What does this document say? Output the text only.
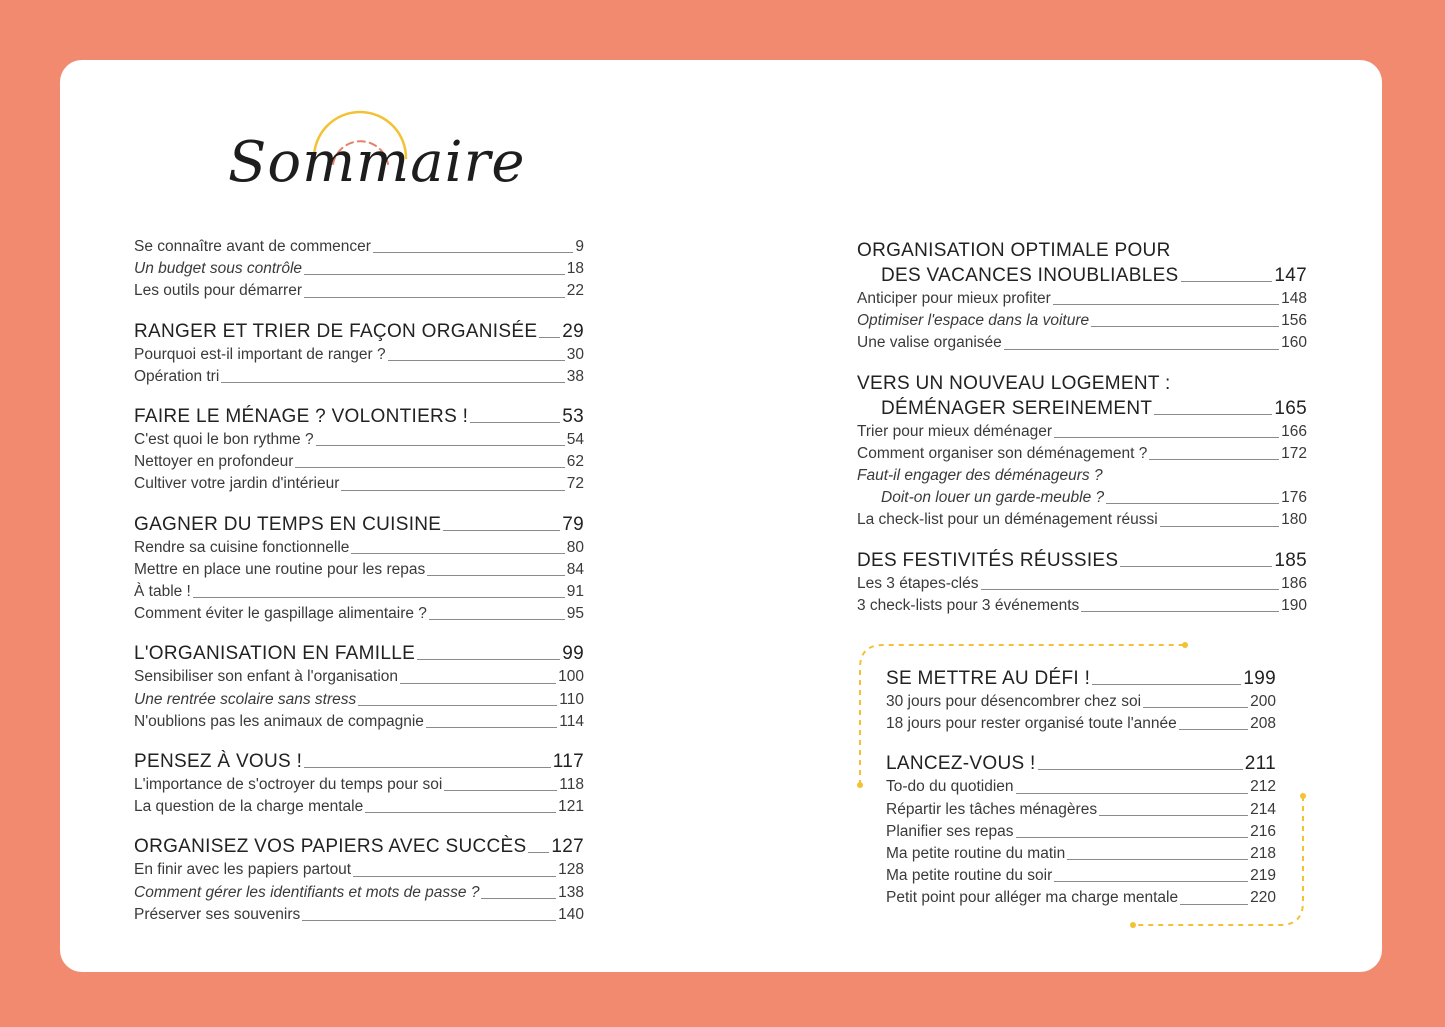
Sommaire
Se connaître avant de commencer	9
Un budget sous contrôle	18
Les outils pour démarrer	22
RANGER ET TRIER DE FAÇON ORGANISÉE 29
Pourquoi est-il important de ranger ?	30
Opération tri	38
FAIRE LE MÉNAGE ? VOLONTIERS !	53
C'est quoi le bon rythme ?	54
Nettoyer en profondeur	62
Cultiver votre jardin d'intérieur	72
GAGNER DU TEMPS EN CUISINE	79
Rendre sa cuisine fonctionnelle	80
Mettre en place une routine pour les repas	84
À table !	91
Comment éviter le gaspillage alimentaire ?	95
L'ORGANISATION EN FAMILLE	99
Sensibiliser son enfant à l'organisation	100
Une rentrée scolaire sans stress	110
N'oublions pas les animaux de compagnie	114
PENSEZ À VOUS !	117
L'importance de s'octroyer du temps pour soi	118
La question de la charge mentale	121
ORGANISEZ VOS PAPIERS AVEC SUCCÈS 127
En finir avec les papiers partout	128
Comment gérer les identifiants et mots de passe ?	138
Préserver ses souvenirs	140
ORGANISATION OPTIMALE POUR
DES VACANCES INOUBLIABLES	147
Anticiper pour mieux profiter	148
Optimiser l'espace dans la voiture	156
Une valise organisée	160
VERS UN NOUVEAU LOGEMENT :
DÉMÉNAGER SEREINEMENT	165
Trier pour mieux déménager	166
Comment organiser son déménagement ?	172
Faut-il engager des déménageurs ?
Doit-on louer un garde-meuble ?	176
La check-list pour un déménagement réussi	180
DES FESTIVITÉS RÉUSSIES	185
Les 3 étapes-clés	186
3 check-lists pour 3 événements	190
SE METTRE AU DÉFI !	199
30 jours pour désencombrer chez soi	200
18 jours pour rester organisé toute l'année	208
LANCEZ-VOUS !	211
To-do du quotidien	212
Répartir les tâches ménagères	214
Planifier ses repas	216
Ma petite routine du matin	218
Ma petite routine du soir	219
Petit point pour alléger ma charge mentale	220
